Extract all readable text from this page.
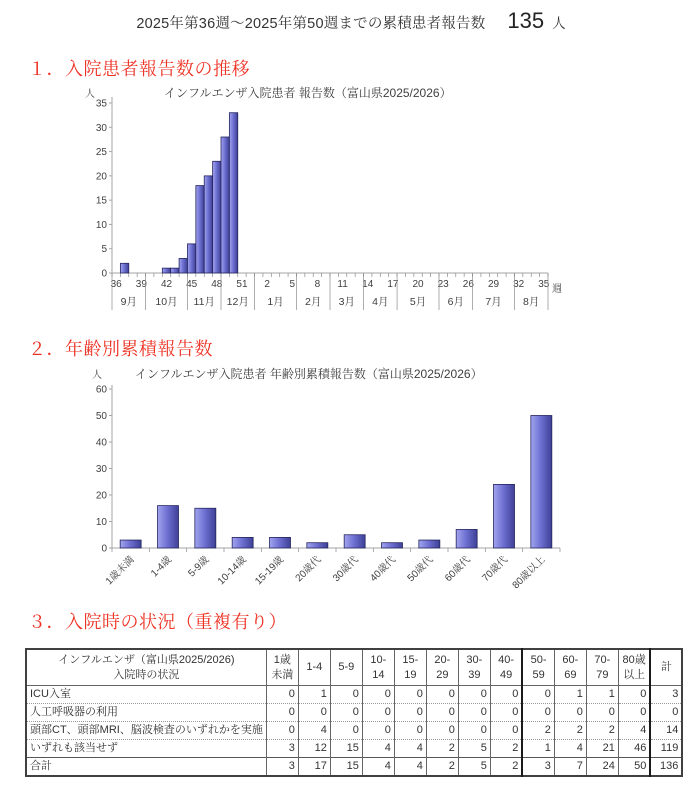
2025年第36週～2025年第50週までの累積患者報告数 135 人
１．入院患者報告数の推移
インフルエンザ入院患者 報告数（富山県2025/2026）
人
0
5
10
15
20
25
30
35
36 39 42 45 48 51 2 5 8 11 14 17 20 23 26 29 32 35
9月 10月 11月 12月 1月 2月 3月 4月 5月 6月 7月 8月
週
２．年齢別累積報告数
インフルエンザ入院患者 年齢別累積報告数（富山県2025/2026）
人
0
10
20
30
40
50
60
1歳未満 1-4歳 5-9歳 10-14歳 15-19歳 20歳代 30歳代 40歳代 50歳代 60歳代 70歳代 80歳以上
３．入院時の状況（重複有り）
インフルエンザ（富山県2025/2026)
入院時の状況	1歳
未満	1-4	5-9	10-14	15-19	20-29	30-39	40-49	50-59	60-69	70-79	80歳
以上	計
ICU入室	0	1	0	0	0	0	0	0	0	1	1	0	3
人工呼吸器の利用	0	0	0	0	0	0	0	0	0	0	0	0	0
頭部CT、頭部MRI、脳波検査のいずれかを実施	0	4	0	0	0	0	0	0	2	2	2	4	14
いずれも該当せず	3	12	15	4	4	2	5	2	1	4	21	46	119
合計	3	17	15	4	4	2	5	2	3	7	24	50	136
